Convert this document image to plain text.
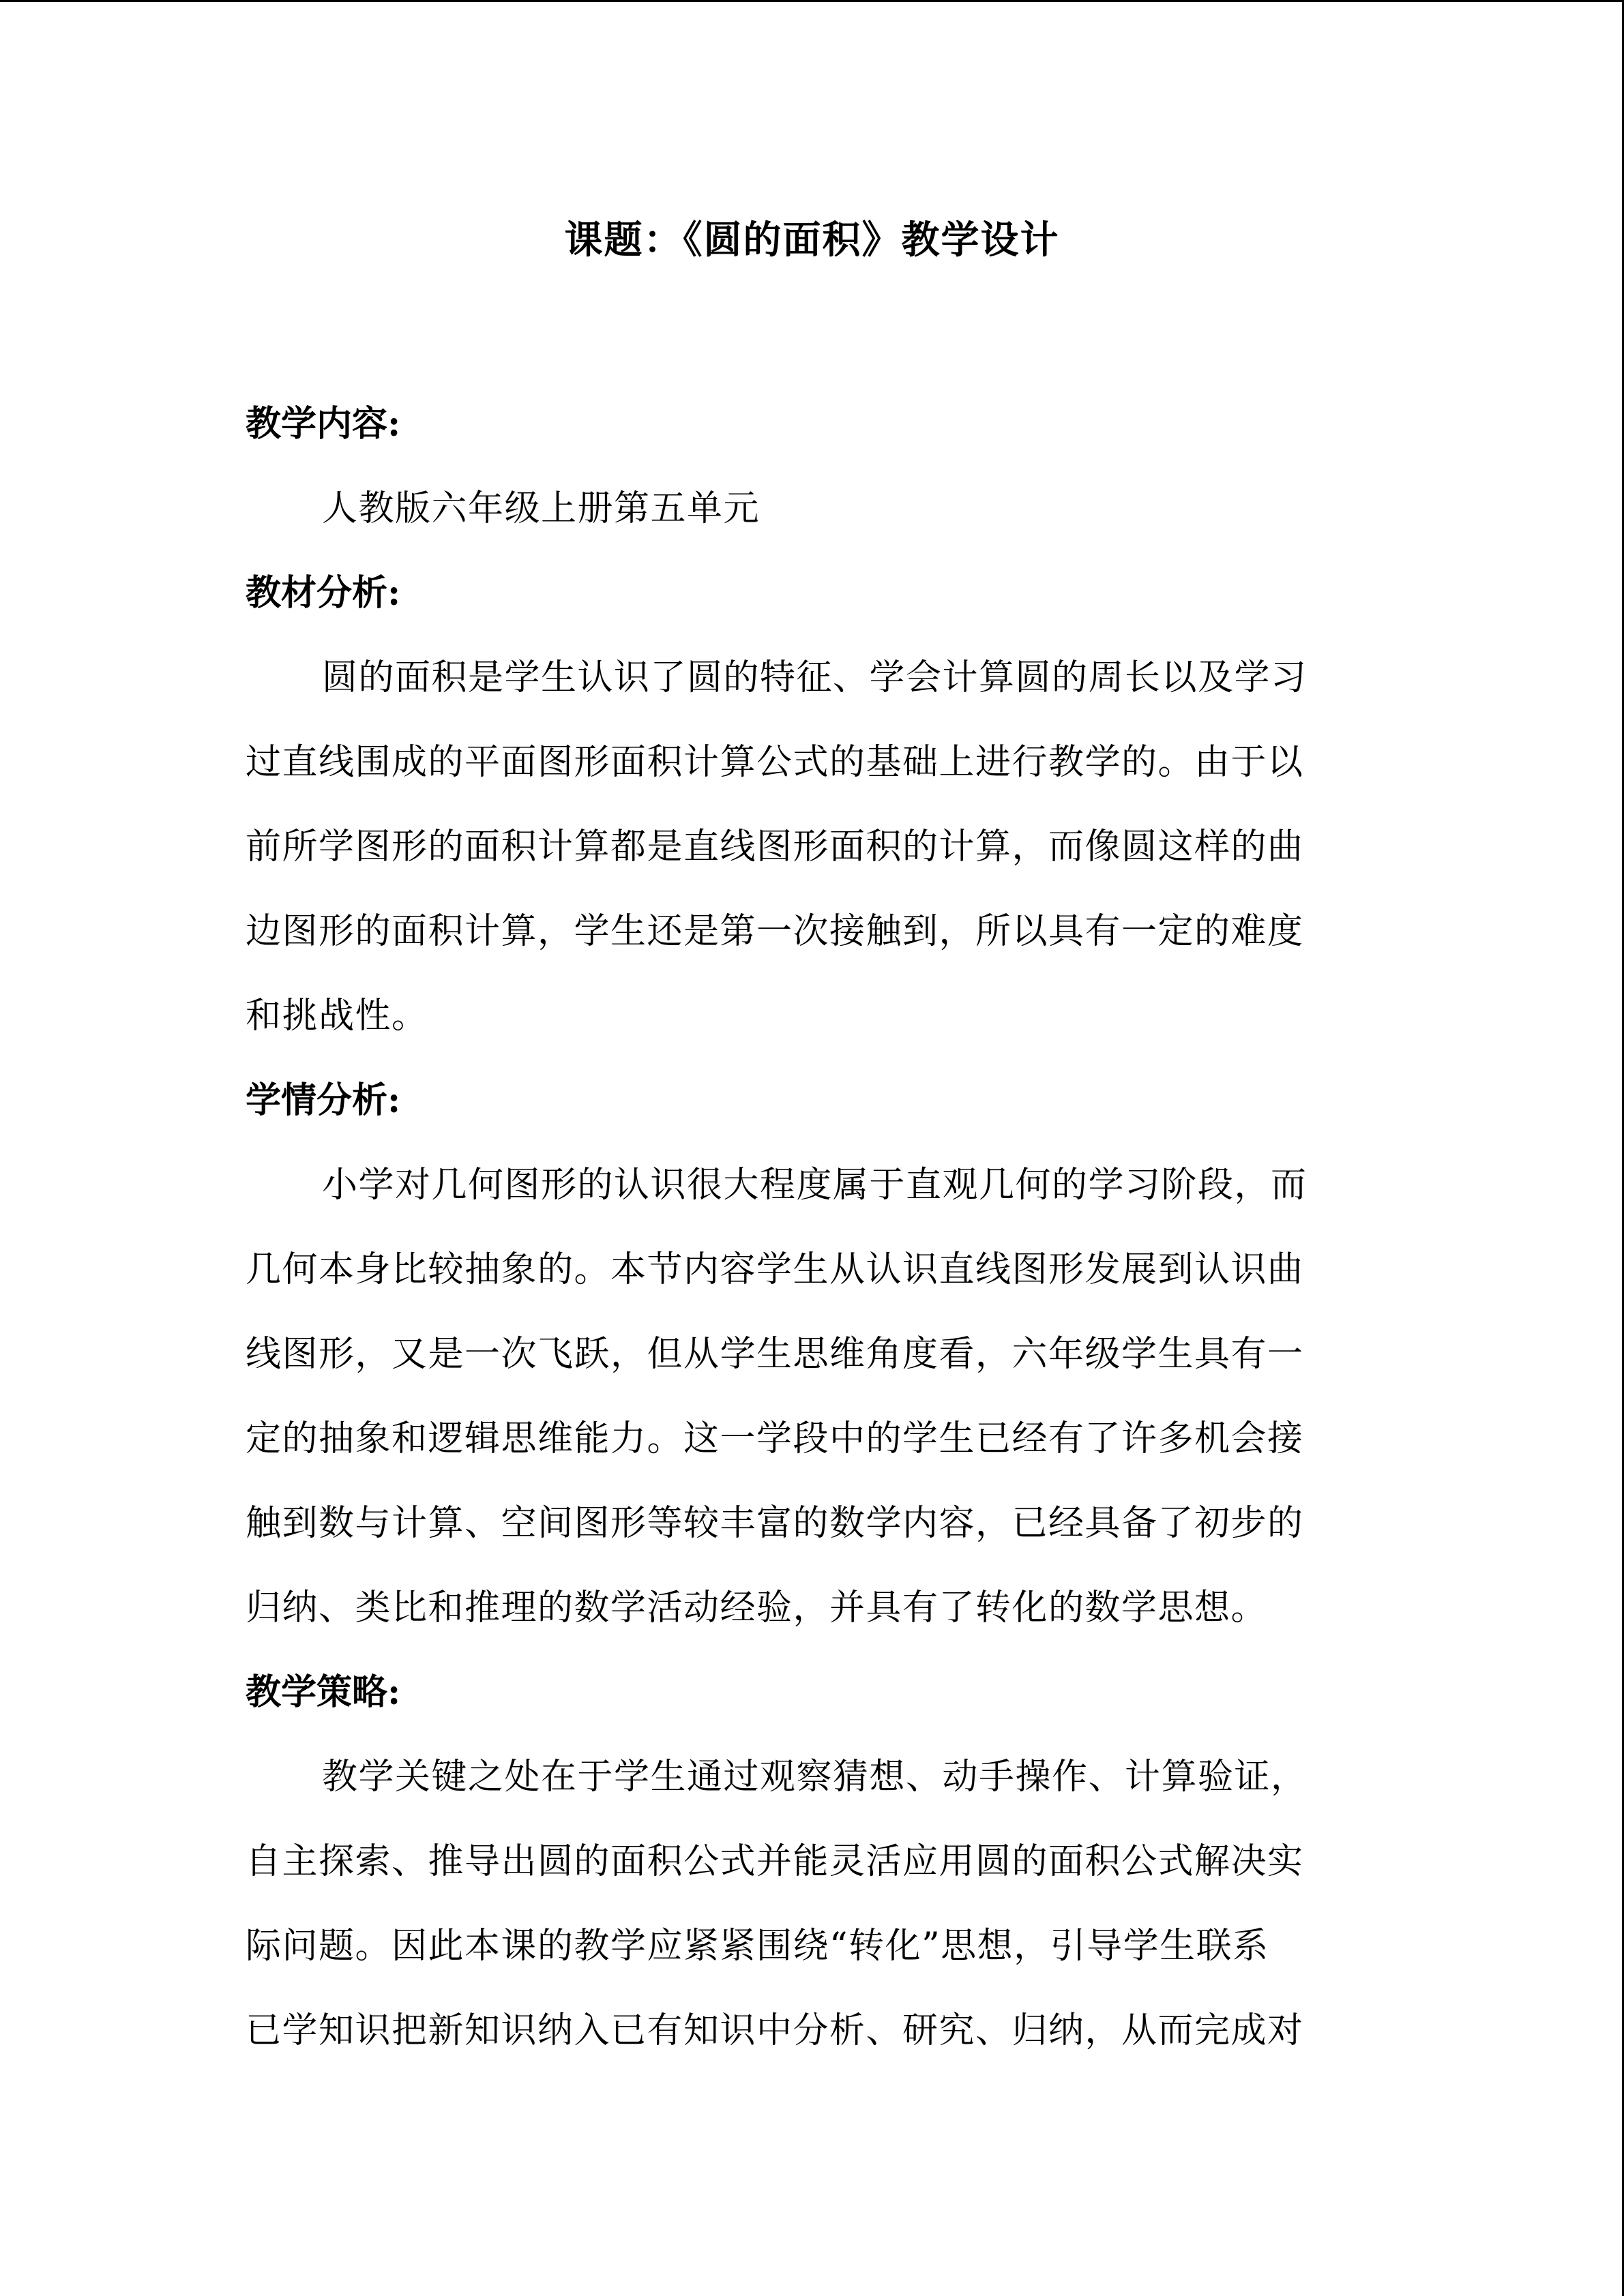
课题：《圆的面积》教学设计
教学内容:
人教版六年级上册第五单元
教材分析:
圆的面积是学生认识了圆的特征、学会计算圆的周长以及学习
过直线围成的平面图形面积计算公式的基础上进行教学的。由于以
前所学图形的面积计算都是直线图形面积的计算，而像圆这样的曲
边图形的面积计算，学生还是第一次接触到，所以具有一定的难度
和挑战性。
学情分析:
小学对几何图形的认识很大程度属于直观几何的学习阶段，而
几何本身比较抽象的。本节内容学生从认识直线图形发展到认识曲
线图形，又是一次飞跃，但从学生思维角度看，六年级学生具有一
定的抽象和逻辑思维能力。这一学段中的学生已经有了许多机会接
触到数与计算、空间图形等较丰富的数学内容，已经具备了初步的
归纳、类比和推理的数学活动经验，并具有了转化的数学思想。
教学策略:
教学关键之处在于学生通过观察猜想、动手操作、计算验证，
自主探索、推导出圆的面积公式并能灵活应用圆的面积公式解决实
际问题。因此本课的教学应紧紧围绕“转化”思想，引导学生联系
已学知识把新知识纳入已有知识中分析、研究、归纳，从而完成对
